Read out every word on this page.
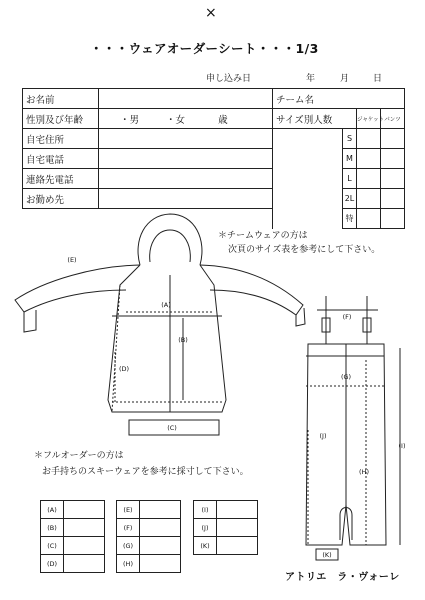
×
・・・ウェアオーダーシート・・・1/3
申し込み日	年	月	日
お名前		チーム名			
性別及び年齢	・男 ・女 歳	サイズ別人数		ジャケット	パンツ
自宅住所			S		
自宅電話			M		
連絡先電話			L		
お勤め先			2L		
			特		
(A)
(B)
(C)
(D)
(E)
(F)
(G)
(H)
(I)
(J)
(K)
＊チームウェアの方は
次頁のサイズ表を参考にして下さい。
＊フルオーダーの方は
お手持ちのスキーウェアを参考に採寸して下さい。
(A)	
(B)	
(C)	
(D)	
(E)	
(F)	
(G)	
(H)	
(I)	
(J)	
(K)	
アトリエ　ラ・ヴォーレ
